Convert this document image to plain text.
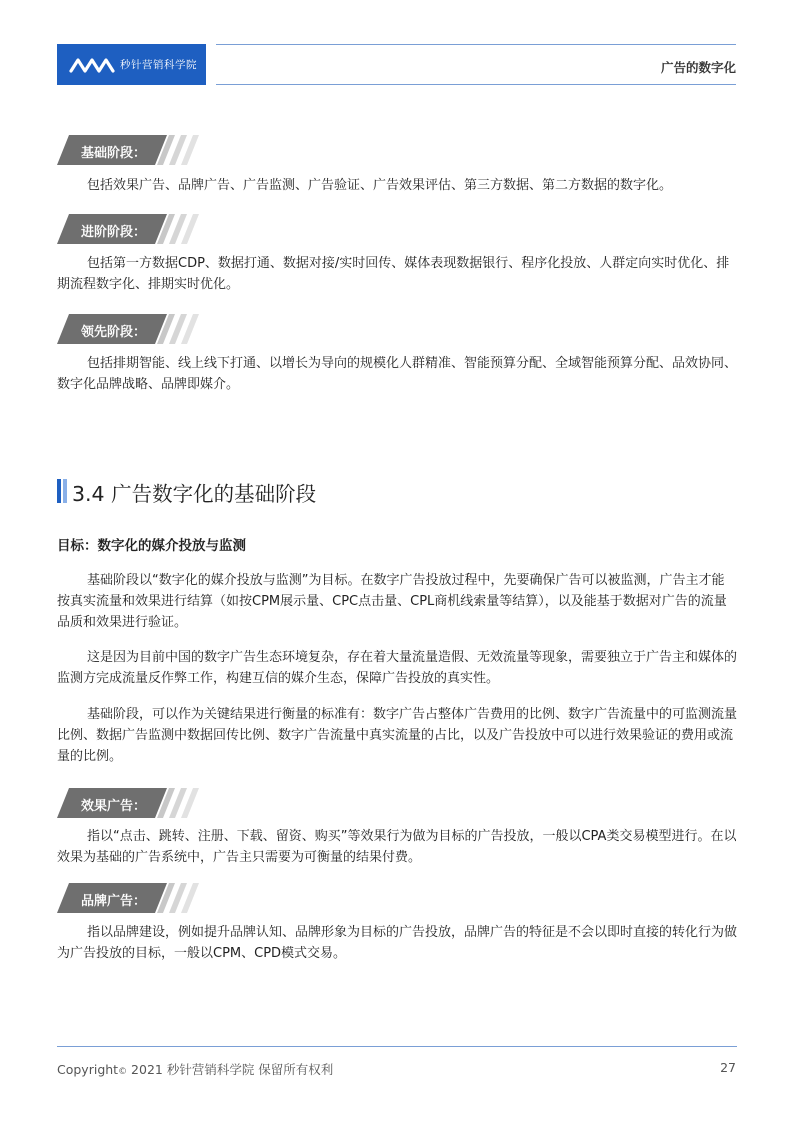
秒针营销科学院	广告的数字化
基础阶段：

包括效果广告、品牌广告、广告监测、广告验证、广告效果评估、第三方数据、第二方数据的数字化。

进阶阶段：

包括第一方数据CDP、数据打通、数据对接/实时回传、媒体表现数据银行、程序化投放、人群定向实时优化、排期流程数字化、排期实时优化。

领先阶段：

包括排期智能、线上线下打通、以增长为导向的规模化人群精准、智能预算分配、全域智能预算分配、品效协同、数字化品牌战略、品牌即媒介。

3.4 广告数字化的基础阶段
目标：数字化的媒介投放与监测

基础阶段以“数字化的媒介投放与监测”为目标。在数字广告投放过程中，先要确保广告可以被监测，广告主才能按真实流量和效果进行结算（如按CPM展示量、CPC点击量、CPL商机线索量等结算），以及能基于数据对广告的流量品质和效果进行验证。

这是因为目前中国的数字广告生态环境复杂，存在着大量流量造假、无效流量等现象，需要独立于广告主和媒体的监测方完成流量反作弊工作，构建互信的媒介生态，保障广告投放的真实性。

基础阶段，可以作为关键结果进行衡量的标准有：数字广告占整体广告费用的比例、数字广告流量中的可监测流量比例、数据广告监测中数据回传比例、数字广告流量中真实流量的占比，以及广告投放中可以进行效果验证的费用或流量的比例。

效果广告：

指以“点击、跳转、注册、下载、留资、购买”等效果行为做为目标的广告投放，一般以CPA类交易模型进行。在以效果为基础的广告系统中，广告主只需要为可衡量的结果付费。

品牌广告：

指以品牌建设，例如提升品牌认知、品牌形象为目标的广告投放，品牌广告的特征是不会以即时直接的转化行为做为广告投放的目标，一般以CPM、CPD模式交易。

Copyright© 2021 秒针营销科学院 保留所有权利	27
